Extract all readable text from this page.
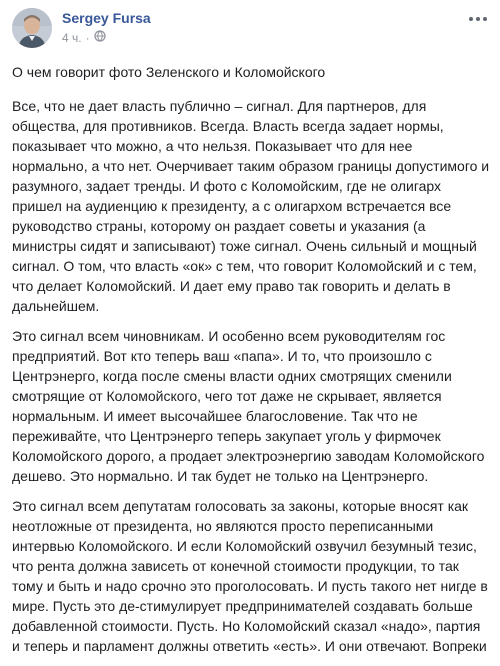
Sergey Fursa
4 ч. ·

О чем говорит фото Зеленского и Коломойского

Все, что не дает власть публично – сигнал. Для партнеров, для общества, для противников. Всегда. Власть всегда задает нормы, показывает что можно, а что нельзя. Показывает что для нее нормально, а что нет. Очерчивает таким образом границы допустимого и разумного, задает тренды. И фото с Коломойским, где не олигарх пришел на аудиенцию к президенту, а с олигархом встречается все руководство страны, которому он раздает советы и указания (а министры сидят и записывают) тоже сигнал. Очень сильный и мощный сигнал. О том, что власть «ок» с тем, что говорит Коломойский и с тем, что делает Коломойский. И дает ему право так говорить и делать в дальнейшем.

Это сигнал всем чиновникам. И особенно всем руководителям гос предприятий. Вот кто теперь ваш «папа». И то, что произошло с Центрэнерго, когда после смены власти одних смотрящих сменили смотрящие от Коломойского, чего тот даже не скрывает, является нормальным. И имеет высочайшее благословение. Так что не переживайте, что Центрэнерго теперь закупает уголь у фирмочек Коломойского дорого, а продает электроэнергию заводам Коломойского дешево. Это нормально. И так будет не только на Центрэнерго.

Это сигнал всем депутатам голосовать за законы, которые вносят как неотложные от президента, но являются просто переписанными интервью Коломойского. И если Коломойский озвучил безумный тезис, что рента должна зависеть от конечной стоимости продукции, то так тому и быть и надо срочно это проголосовать. И пусть такого нет нигде в мире. Пусть это де-стимулирует предпринимателей создавать больше добавленной стоимости. Пусть. Но Коломойский сказал «надо», партия и теперь и парламент должны ответить «есть». И они отвечают. Вопреки
